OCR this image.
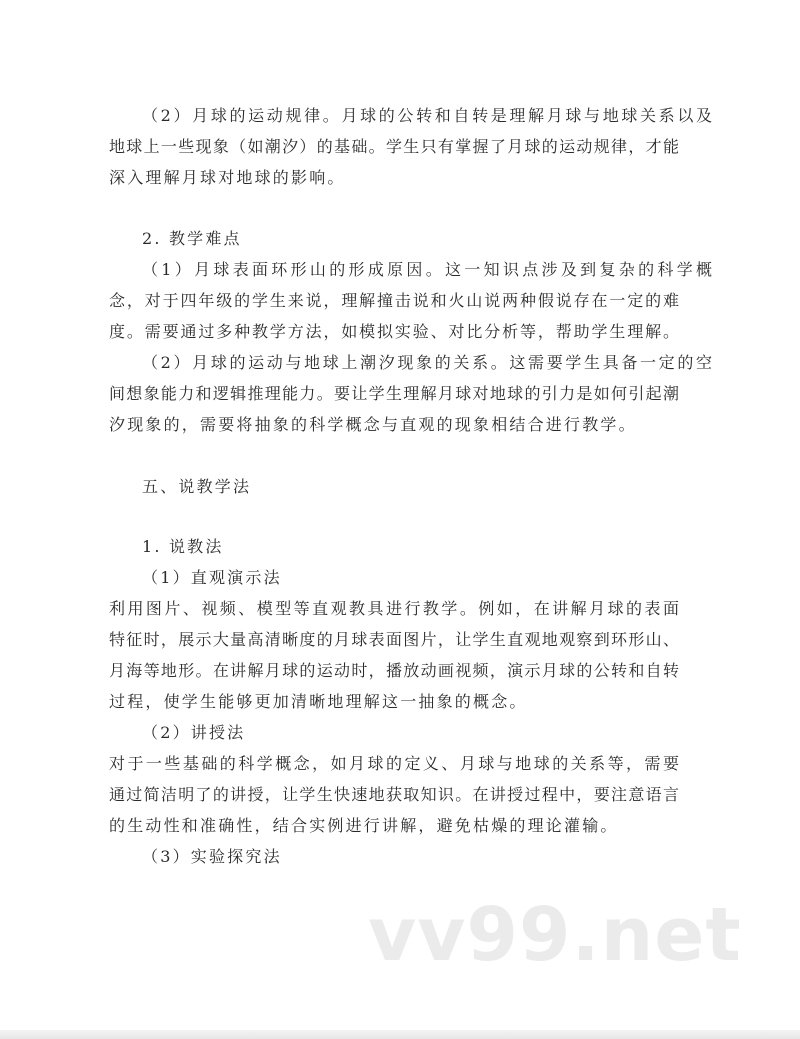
（2）月球的运动规律。月球的公转和自转是理解月球与地球关系以及
地球上一些现象（如潮汐）的基础。学生只有掌握了月球的运动规律，才能
深入理解月球对地球的影响。
2. 教学难点
（1）月球表面环形山的形成原因。这一知识点涉及到复杂的科学概
念，对于四年级的学生来说，理解撞击说和火山说两种假说存在一定的难
度。需要通过多种教学方法，如模拟实验、对比分析等，帮助学生理解。
（2）月球的运动与地球上潮汐现象的关系。这需要学生具备一定的空
间想象能力和逻辑推理能力。要让学生理解月球对地球的引力是如何引起潮
汐现象的，需要将抽象的科学概念与直观的现象相结合进行教学。
五、说教学法
1. 说教法
（1）直观演示法
利用图片、视频、模型等直观教具进行教学。例如，在讲解月球的表面
特征时，展示大量高清晰度的月球表面图片，让学生直观地观察到环形山、
月海等地形。在讲解月球的运动时，播放动画视频，演示月球的公转和自转
过程，使学生能够更加清晰地理解这一抽象的概念。
（2）讲授法
对于一些基础的科学概念，如月球的定义、月球与地球的关系等，需要
通过简洁明了的讲授，让学生快速地获取知识。在讲授过程中，要注意语言
的生动性和准确性，结合实例进行讲解，避免枯燥的理论灌输。
（3）实验探究法
vv99.net
